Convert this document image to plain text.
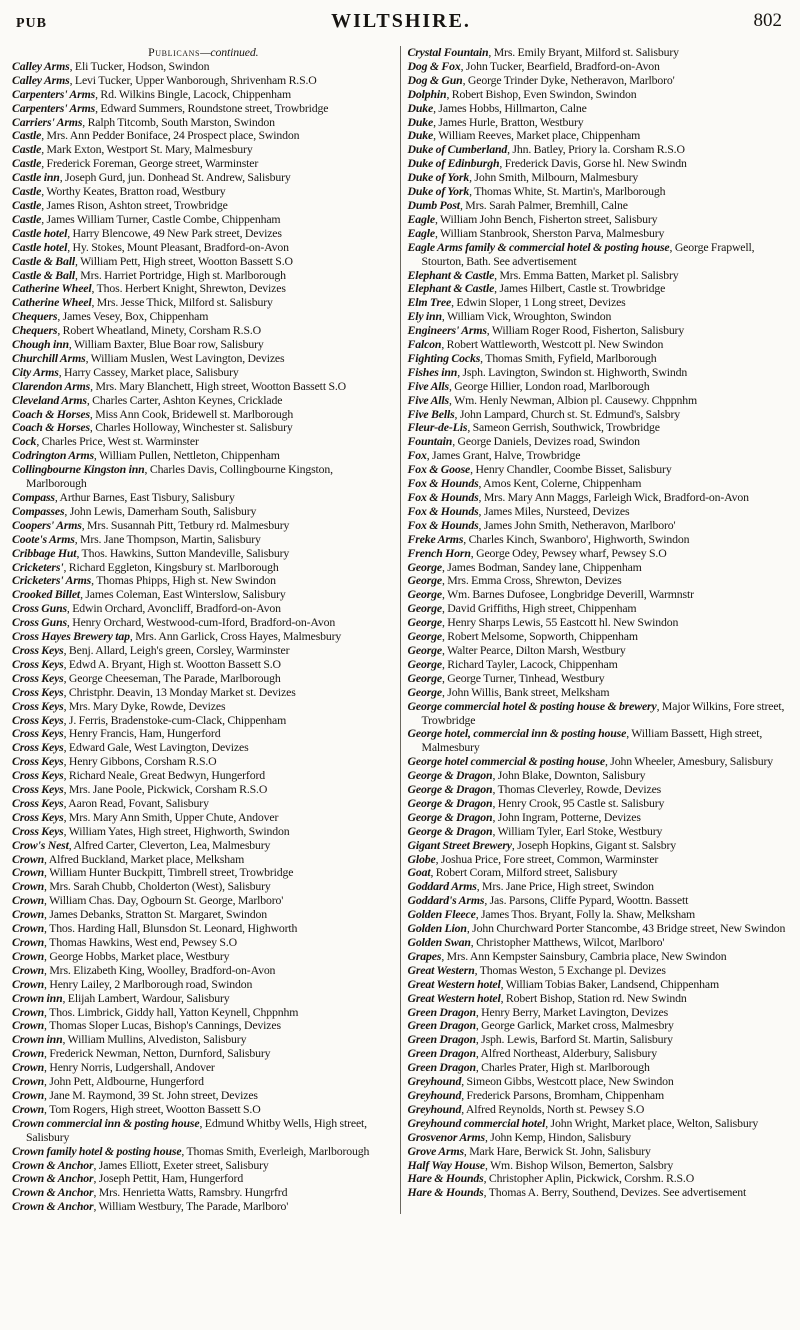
PUB	WILTSHIRE.	802
Publicans—continued.
Calley Arms, Eli Tucker, Hodson, Swindon
Calley Arms, Levi Tucker, Upper Wanborough, Shrivenham R.S.O
Carpenters' Arms, Rd. Wilkins Bingle, Lacock, Chippenham
Carpenters' Arms, Edward Summers, Roundstone street, Trowbridge
Carriers' Arms, Ralph Titcomb, South Marston, Swindon
Castle, Mrs. Ann Pedder Boniface, 24 Prospect place, Swindon
Castle, Mark Exton, Westport St. Mary, Malmesbury
Castle, Frederick Foreman, George street, Warminster
Castle inn, Joseph Gurd, jun. Donhead St. Andrew, Salisbury
Castle, Worthy Keates, Bratton road, Westbury
Castle, James Rison, Ashton street, Trowbridge
Castle, James William Turner, Castle Combe, Chippenham
Castle hotel, Harry Blencowe, 49 New Park street, Devizes
Castle hotel, Hy. Stokes, Mount Pleasant, Bradford-on-Avon
Castle & Ball, William Pett, High street, Wootton Bassett S.O
Castle & Ball, Mrs. Harriet Portridge, High st. Marlborough
Catherine Wheel, Thos. Herbert Knight, Shrewton, Devizes
Catherine Wheel, Mrs. Jesse Thick, Milford st. Salisbury
Chequers, James Vesey, Box, Chippenham
Chequers, Robert Wheatland, Minety, Corsham R.S.O
Chough inn, William Baxter, Blue Boar row, Salisbury
Churchill Arms, William Muslen, West Lavington, Devizes
City Arms, Harry Cassey, Market place, Salisbury
Clarendon Arms, Mrs. Mary Blanchett, High street, Wootton Bassett S.O
Cleveland Arms, Charles Carter, Ashton Keynes, Cricklade
Coach & Horses, Miss Ann Cook, Bridewell st. Marlborough
Coach & Horses, Charles Holloway, Winchester st. Salisbury
Cock, Charles Price, West st. Warminster
Codrington Arms, William Pullen, Nettleton, Chippenham
Collingbourne Kingston inn, Charles Davis, Collingbourne Kingston, Marlborough
Compass, Arthur Barnes, East Tisbury, Salisbury
Compasses, John Lewis, Damerham South, Salisbury
Coopers' Arms, Mrs. Susannah Pitt, Tetbury rd. Malmesbury
Coote's Arms, Mrs. Jane Thompson, Martin, Salisbury
Cribbage Hut, Thos. Hawkins, Sutton Mandeville, Salisbury
Cricketers', Richard Eggleton, Kingsbury st. Marlborough
Cricketers' Arms, Thomas Phipps, High st. New Swindon
Crooked Billet, James Coleman, East Winterslow, Salisbury
Cross Guns, Edwin Orchard, Avoncliff, Bradford-on-Avon
Cross Guns, Henry Orchard, Westwood-cum-Iford, Bradford-on-Avon
Cross Hayes Brewery tap, Mrs. Ann Garlick, Cross Hayes, Malmesbury
Cross Keys, Benj. Allard, Leigh's green, Corsley, Warminster
Cross Keys, Edwd A. Bryant, High st. Wootton Bassett S.O
Cross Keys, George Cheeseman, The Parade, Marlborough
Cross Keys, Christphr. Deavin, 13 Monday Market st. Devizes
Cross Keys, Mrs. Mary Dyke, Rowde, Devizes
Cross Keys, J. Ferris, Bradenstoke-cum-Clack, Chippenham
Cross Keys, Henry Francis, Ham, Hungerford
Cross Keys, Edward Gale, West Lavington, Devizes
Cross Keys, Henry Gibbons, Corsham R.S.O
Cross Keys, Richard Neale, Great Bedwyn, Hungerford
Cross Keys, Mrs. Jane Poole, Pickwick, Corsham R.S.O
Cross Keys, Aaron Read, Fovant, Salisbury
Cross Keys, Mrs. Mary Ann Smith, Upper Chute, Andover
Cross Keys, William Yates, High street, Highworth, Swindon
Crow's Nest, Alfred Carter, Cleverton, Lea, Malmesbury
Crown, Alfred Buckland, Market place, Melksham
Crown, William Hunter Buckpitt, Timbrell street, Trowbridge
Crown, Mrs. Sarah Chubb, Cholderton (West), Salisbury
Crown, William Chas. Day, Ogbourn St. George, Marlboro'
Crown, James Debanks, Stratton St. Margaret, Swindon
Crown, Thos. Harding Hall, Blunsdon St. Leonard, Highworth
Crown, Thomas Hawkins, West end, Pewsey S.O
Crown, George Hobbs, Market place, Westbury
Crown, Mrs. Elizabeth King, Woolley, Bradford-on-Avon
Crown, Henry Lailey, 2 Marlborough road, Swindon
Crown inn, Elijah Lambert, Wardour, Salisbury
Crown, Thos. Limbrick, Giddy hall, Yatton Keynell, Chppnhm
Crown, Thomas Sloper Lucas, Bishop's Cannings, Devizes
Crown inn, William Mullins, Alvediston, Salisbury
Crown, Frederick Newman, Netton, Durnford, Salisbury
Crown, Henry Norris, Ludgershall, Andover
Crown, John Pett, Aldbourne, Hungerford
Crown, Jane M. Raymond, 39 St. John street, Devizes
Crown, Tom Rogers, High street, Wootton Bassett S.O
Crown commercial inn & posting house, Edmund Whitby Wells, High street, Salisbury
Crown family hotel & posting house, Thomas Smith, Everleigh, Marlborough
Crown & Anchor, James Elliott, Exeter street, Salisbury
Crown & Anchor, Joseph Pettit, Ham, Hungerford
Crown & Anchor, Mrs. Henrietta Watts, Ramsbry. Hungrfrd
Crown & Anchor, William Westbury, The Parade, Marlboro'
Crystal Fountain, Mrs. Emily Bryant, Milford st. Salisbury
Dog & Fox, John Tucker, Bearfield, Bradford-on-Avon
Dog & Gun, George Trinder Dyke, Netheravon, Marlboro'
Dolphin, Robert Bishop, Even Swindon, Swindon
Duke, James Hobbs, Hillmarton, Calne
Duke, James Hurle, Bratton, Westbury
Duke, William Reeves, Market place, Chippenham
Duke of Cumberland, Jhn. Batley, Priory la. Corsham R.S.O
Duke of Edinburgh, Frederick Davis, Gorse hl. New Swindn
Duke of York, John Smith, Milbourn, Malmesbury
Duke of York, Thomas White, St. Martin's, Marlborough
Dumb Post, Mrs. Sarah Palmer, Bremhill, Calne
Eagle, William John Bench, Fisherton street, Salisbury
Eagle, William Stanbrook, Sherston Parva, Malmesbury
Eagle Arms family & commercial hotel & posting house, George Frapwell, Stourton, Bath. See advertisement
Elephant & Castle, Mrs. Emma Batten, Market pl. Salisbry
Elephant & Castle, James Hilbert, Castle st. Trowbridge
Elm Tree, Edwin Sloper, 1 Long street, Devizes
Ely inn, William Vick, Wroughton, Swindon
Engineers' Arms, William Roger Rood, Fisherton, Salisbury
Falcon, Robert Wattleworth, Westcott pl. New Swindon
Fighting Cocks, Thomas Smith, Fyfield, Marlborough
Fishes inn, Jsph. Lavington, Swindon st. Highworth, Swindn
Five Alls, George Hillier, London road, Marlborough
Five Alls, Wm. Henly Newman, Albion pl. Causewy. Chppnhm
Five Bells, John Lampard, Church st. St. Edmund's, Salsbry
Fleur-de-Lis, Sameon Gerrish, Southwick, Trowbridge
Fountain, George Daniels, Devizes road, Swindon
Fox, James Grant, Halve, Trowbridge
Fox & Goose, Henry Chandler, Coombe Bisset, Salisbury
Fox & Hounds, Amos Kent, Colerne, Chippenham
Fox & Hounds, Mrs. Mary Ann Maggs, Farleigh Wick, Bradford-on-Avon
Fox & Hounds, James Miles, Nursteed, Devizes
Fox & Hounds, James John Smith, Netheravon, Marlboro'
Freke Arms, Charles Kinch, Swanboro', Highworth, Swindon
French Horn, George Odey, Pewsey wharf, Pewsey S.O
George, James Bodman, Sandey lane, Chippenham
George, Mrs. Emma Cross, Shrewton, Devizes
George, Wm. Barnes Dufosee, Longbridge Deverill, Warmnstr
George, David Griffiths, High street, Chippenham
George, Henry Sharps Lewis, 55 Eastcott hl. New Swindon
George, Robert Melsome, Sopworth, Chippenham
George, Walter Pearce, Dilton Marsh, Westbury
George, Richard Tayler, Lacock, Chippenham
George, George Turner, Tinhead, Westbury
George, John Willis, Bank street, Melksham
George commercial hotel & posting house & brewery, Major Wilkins, Fore street, Trowbridge
George hotel, commercial inn & posting house, William Bassett, High street, Malmesbury
George hotel commercial & posting house, John Wheeler, Amesbury, Salisbury
George & Dragon, John Blake, Downton, Salisbury
George & Dragon, Thomas Cleverley, Rowde, Devizes
George & Dragon, Henry Crook, 95 Castle st. Salisbury
George & Dragon, John Ingram, Potterne, Devizes
George & Dragon, William Tyler, Earl Stoke, Westbury
Gigant Street Brewery, Joseph Hopkins, Gigant st. Salsbry
Globe, Joshua Price, Fore street, Common, Warminster
Goat, Robert Coram, Milford street, Salisbury
Goddard Arms, Mrs. Jane Price, High street, Swindon
Goddard's Arms, Jas. Parsons, Cliffe Pypard, Woottn. Bassett
Golden Fleece, James Thos. Bryant, Folly la. Shaw, Melksham
Golden Lion, John Churchward Porter Stancombe, 43 Bridge street, New Swindon
Golden Swan, Christopher Matthews, Wilcot, Marlboro'
Grapes, Mrs. Ann Kempster Sainsbury, Cambria place, New Swindon
Great Western, Thomas Weston, 5 Exchange pl. Devizes
Great Western hotel, William Tobias Baker, Landsend, Chippenham
Great Western hotel, Robert Bishop, Station rd. New Swindn
Green Dragon, Henry Berry, Market Lavington, Devizes
Green Dragon, George Garlick, Market cross, Malmesbry
Green Dragon, Jsph. Lewis, Barford St. Martin, Salisbury
Green Dragon, Alfred Northeast, Alderbury, Salisbury
Green Dragon, Charles Prater, High st. Marlborough
Greyhound, Simeon Gibbs, Westcott place, New Swindon
Greyhound, Frederick Parsons, Bromham, Chippenham
Greyhound, Alfred Reynolds, North st. Pewsey S.O
Greyhound commercial hotel, John Wright, Market place, Welton, Salisbury
Grosvenor Arms, John Kemp, Hindon, Salisbury
Grove Arms, Mark Hare, Berwick St. John, Salisbury
Half Way House, Wm. Bishop Wilson, Bemerton, Salsbry
Hare & Hounds, Christopher Aplin, Pickwick, Corshm. R.S.O
Hare & Hounds, Thomas A. Berry, Southend, Devizes. See advertisement
